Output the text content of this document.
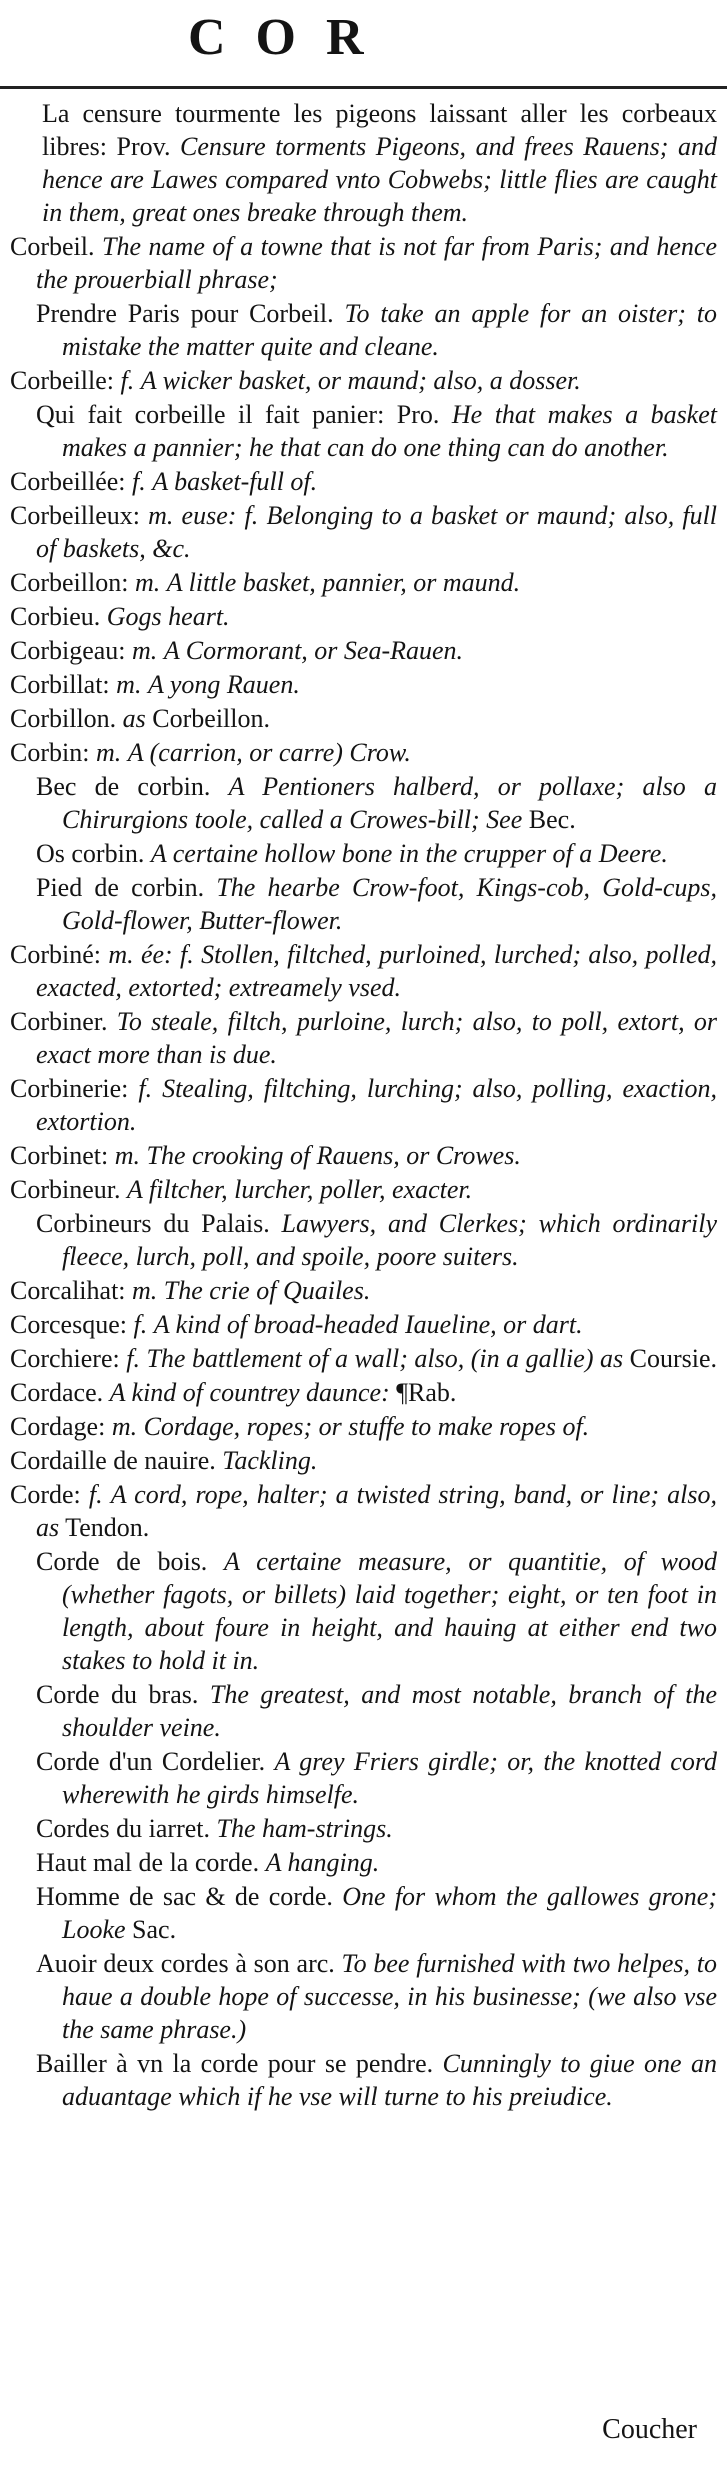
COR
La censure tourmente les pigeons laissant aller les corbeaux libres: Prov. Censure torments Pigeons, and frees Rauens; and hence are Lawes compared vnto Cobwebs; little flies are caught in them, great ones breake through them.
Corbeil. The name of a towne that is not far from Paris; and hence the prouerbiall phrase;
Prendre Paris pour Corbeil. To take an apple for an oister; to mistake the matter quite and cleane.
Corbeille: f. A wicker basket, or maund; also, a dosser.
Qui fait corbeille il fait panier: Pro. He that makes a basket makes a pannier; he that can do one thing can do another.
Corbeillée: f. A basket-full of.
Corbeilleux: m. euse: f. Belonging to a basket or maund; also, full of baskets, &c.
Corbeillon: m. A little basket, pannier, or maund.
Corbieu. Gogs heart.
Corbigeau: m. A Cormorant, or Sea-Rauen.
Corbillat: m. A yong Rauen.
Corbillon. as Corbeillon.
Corbin: m. A (carrion, or carre) Crow.
Bec de corbin. A Pentioners halberd, or pollaxe; also a Chirurgions toole, called a Crowes-bill; See Bec.
Os corbin. A certaine hollow bone in the crupper of a Deere.
Pied de corbin. The hearbe Crow-foot, Kings-cob, Gold-cups, Gold-flower, Butter-flower.
Corbiné: m. ée: f. Stollen, filtched, purloined, lurched; also, polled, exacted, extorted; extreamely vsed.
Corbiner. To steale, filtch, purloine, lurch; also, to poll, extort, or exact more than is due.
Corbinerie: f. Stealing, filtching, lurching; also, polling, exaction, extortion.
Corbinet: m. The crooking of Rauens, or Crowes.
Corbineur. A filtcher, lurcher, poller, exacter.
Corbineurs du Palais. Lawyers, and Clerkes; which ordinarily fleece, lurch, poll, and spoile, poore suiters.
Corcalihat: m. The crie of Quailes.
Corcesque: f. A kind of broad-headed Iaueline, or dart.
Corchiere: f. The battlement of a wall; also, (in a gallie) as Coursie.
Cordace. A kind of countrey daunce: ¶Rab.
Cordage: m. Cordage, ropes; or stuffe to make ropes of.
Cordaille de nauire. Tackling.
Corde: f. A cord, rope, halter; a twisted string, band, or line; also, as Tendon.
Corde de bois. A certaine measure, or quantitie, of wood (whether fagots, or billets) laid together; eight, or ten foot in length, about foure in height, and hauing at either end two stakes to hold it in.
Corde du bras. The greatest, and most notable, branch of the shoulder veine.
Corde d'un Cordelier. A grey Friers girdle; or, the knotted cord wherewith he girds himselfe.
Cordes du iarret. The ham-strings.
Haut mal de la corde. A hanging.
Homme de sac & de corde. One for whom the gallowes grone; Looke Sac.
Auoir deux cordes à son arc. To bee furnished with two helpes, to haue a double hope of successe, in his businesse; (we also vse the same phrase.)
Bailler à vn la corde pour se pendre. Cunningly to giue one an aduantage which if he vse will turne to his preiudice.
Coucher
